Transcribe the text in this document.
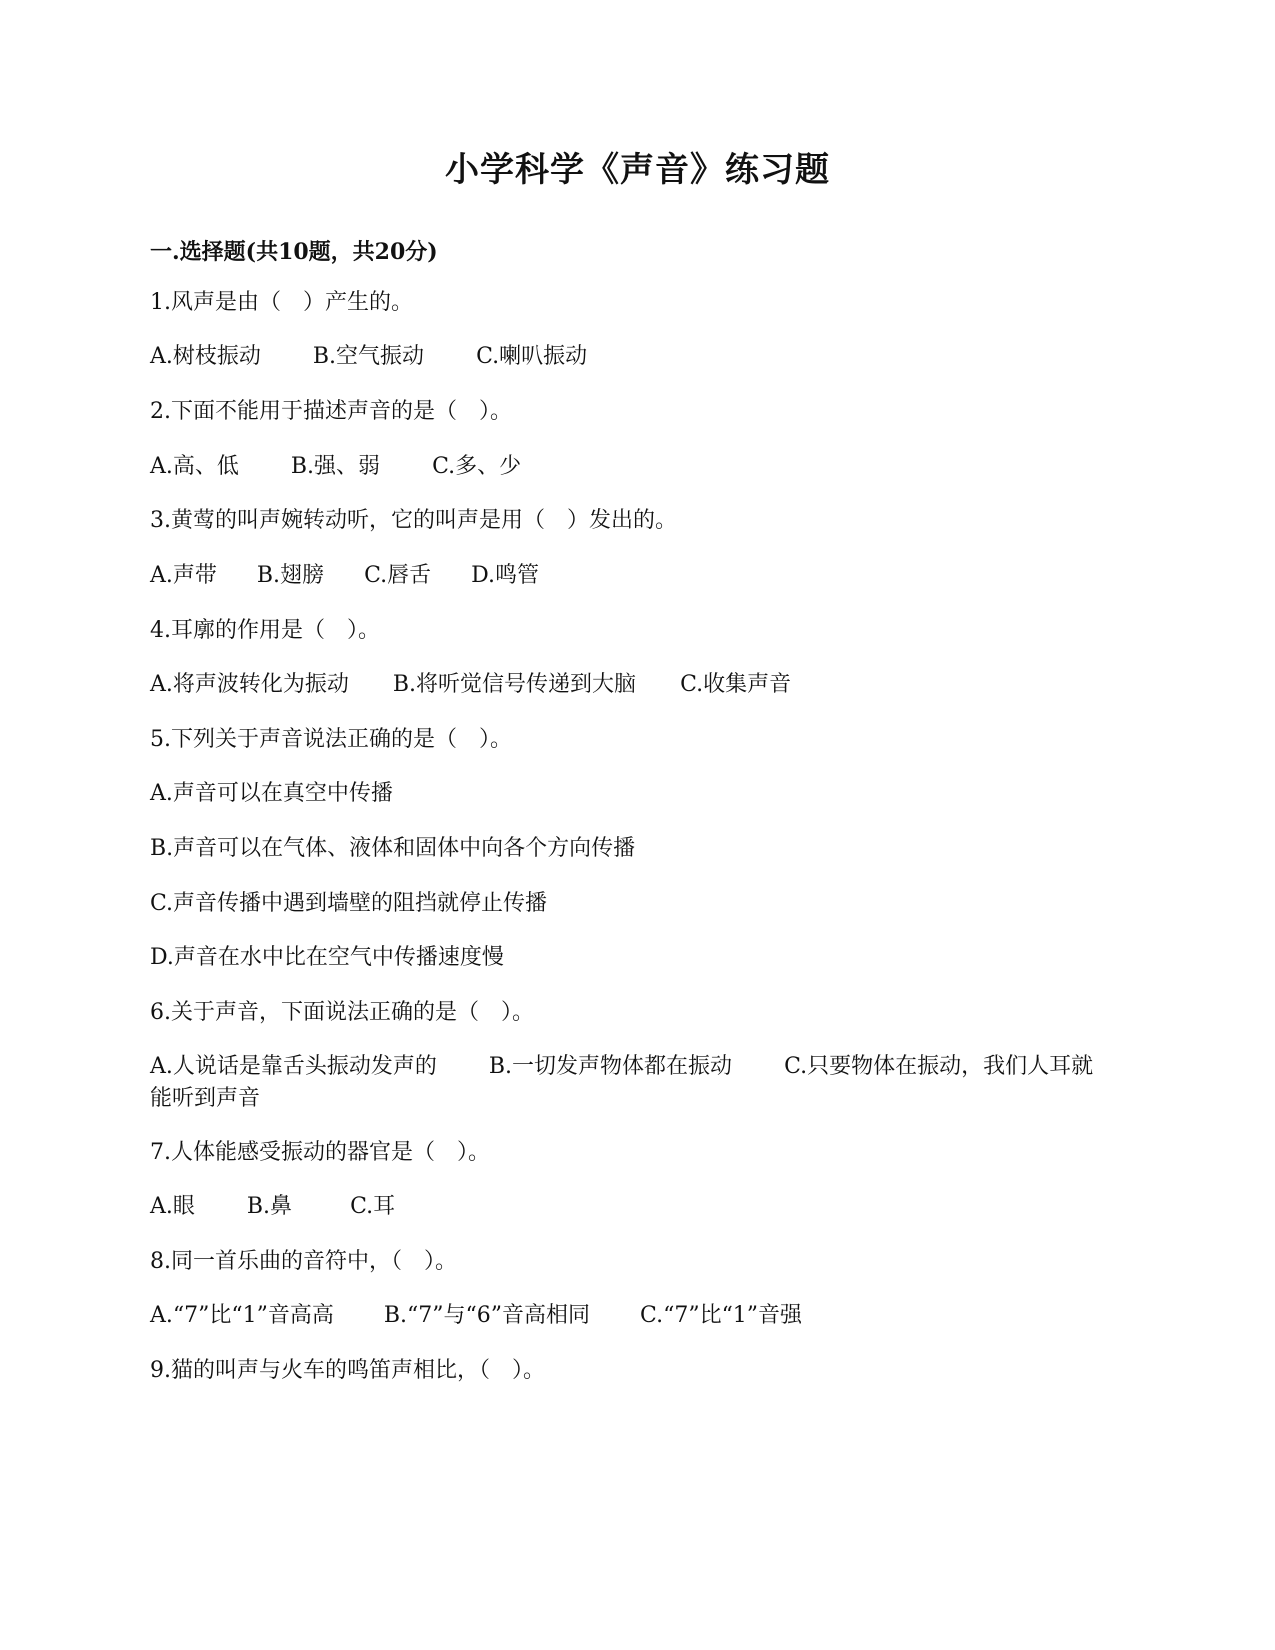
小学科学《声音》练习题
一.选择题(共10题，共20分)
1.风声是由（　）产生的。
A.树枝振动 B.空气振动 C.喇叭振动
2.下面不能用于描述声音的是（　）。
A.高、低 B.强、弱 C.多、少
3.黄莺的叫声婉转动听，它的叫声是用（　）发出的。
A.声带 B.翅膀 C.唇舌 D.鸣管
4.耳廓的作用是（　）。
A.将声波转化为振动 B.将听觉信号传递到大脑 C.收集声音
5.下列关于声音说法正确的是（　）。
A.声音可以在真空中传播
B.声音可以在气体、液体和固体中向各个方向传播
C.声音传播中遇到墙壁的阻挡就停止传播
D.声音在水中比在空气中传播速度慢
6.关于声音，下面说法正确的是（　）。
A.人说话是靠舌头振动发声的 B.一切发声物体都在振动 C.只要物体在振动，我们人耳就能听到声音
7.人体能感受振动的器官是（　）。
A.眼 B.鼻	C.耳
8.同一首乐曲的音符中，（　）。
A.“7”比“1”音高高 B.“7”与“6”音高相同 C.“7”比“1”音强
9.猫的叫声与火车的鸣笛声相比，（　）。
